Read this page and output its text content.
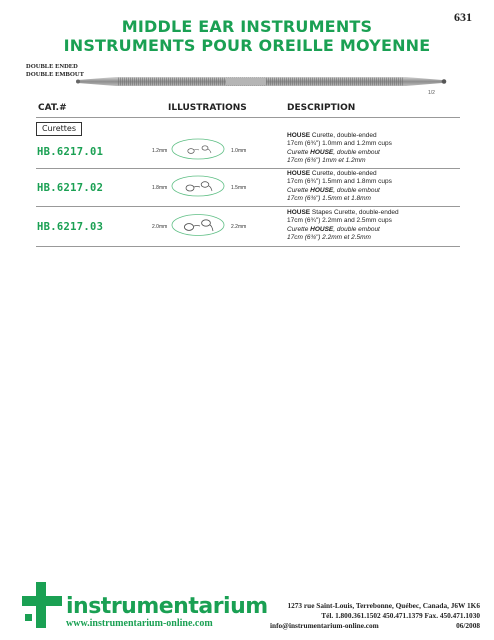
631
MIDDLE EAR INSTRUMENTS
INSTRUMENTS POUR OREILLE MOYENNE
DOUBLE ENDED
DOUBLE EMBOUT
1/2
CAT.#	ILLUSTRATIONS	DESCRIPTION
Curettes
HB.6217.01	1.2mm	1.0mm
HOUSE Curette, double-ended
17cm (6¾") 1.0mm and 1.2mm cups
Curette HOUSE, double embout
17cm (6¾") 1mm et 1.2mm
HB.6217.02	1.8mm	1.5mm
HOUSE Curette, double-ended
17cm (6¾") 1.5mm and 1.8mm cups
Curette HOUSE, double embout
17cm (6¾") 1.5mm et 1.8mm
HB.6217.03	2.0mm	2.2mm
HOUSE Stapes Curette, double-ended
17cm (6¾") 2.2mm and 2.5mm cups
Curette HOUSE, double embout
17cm (6¾") 2.2mm et 2.5mm
instrumentarium
www.instrumentarium-online.com
1273 rue Saint-Louis, Terrebonne, Québec, Canada, J6W 1K6
Tél. 1.800.361.1502 450.471.1379 Fax. 450.471.1030
info@instrumentarium-online.com	06/2008
